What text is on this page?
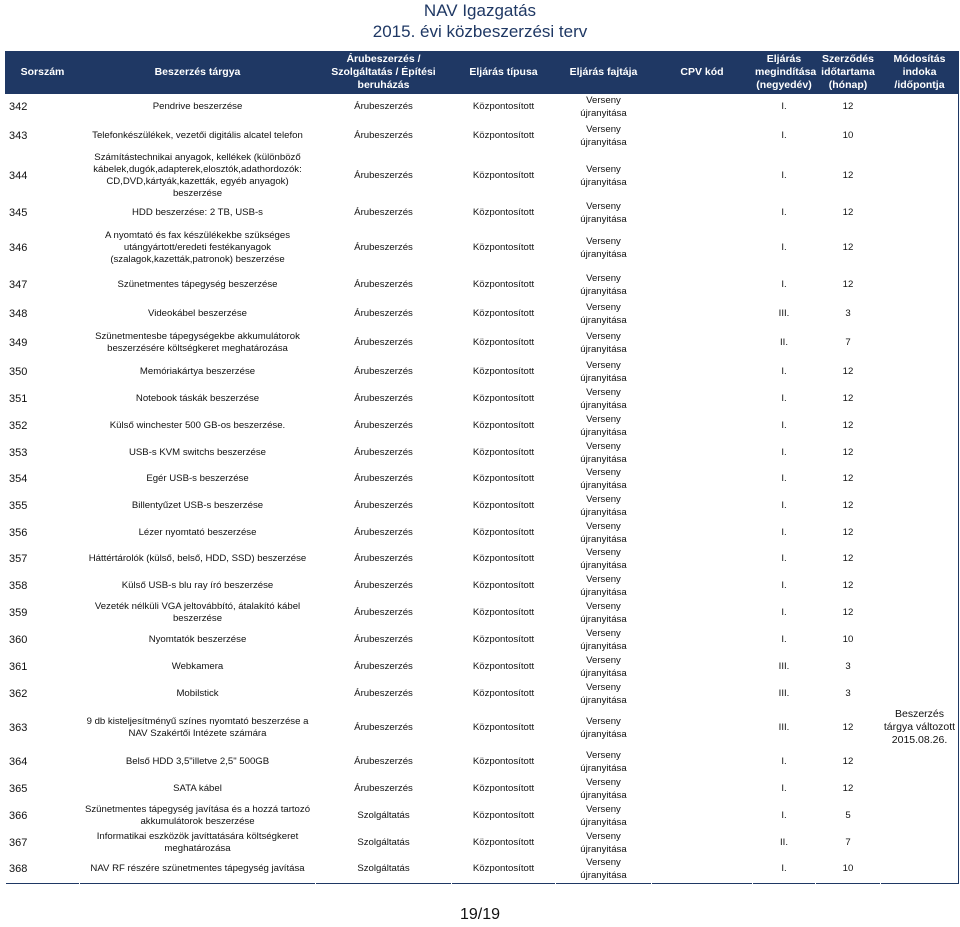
NAV Igazgatás
2015. évi közbeszerzési terv
Sorszám	Beszerzés tárgya	Árubeszerzés / Szolgáltatás / Építési beruházás	Eljárás típusa	Eljárás fajtája	CPV kód	Eljárás megindítása (negyedév)	Szerződés időtartama (hónap)	Módosítás indoka /időpontja
342	Pendrive beszerzése	Árubeszerzés	Központosított	Verseny újranyitása		I.	12	
343	Telefonkészülékek, vezetői digitális alcatel telefon	Árubeszerzés	Központosított	Verseny újranyitása		I.	10	
344	Számítástechnikai anyagok, kellékek (különböző kábelek,dugók,adapterek,elosztók,adathordozók: CD,DVD,kártyák,kazetták, egyéb anyagok) beszerzése	Árubeszerzés	Központosított	Verseny újranyitása		I.	12	
345	HDD beszerzése: 2 TB, USB-s	Árubeszerzés	Központosított	Verseny újranyitása		I.	12	
346	A nyomtató és fax készülékekbe szükséges utángyártott/eredeti festékanyagok (szalagok,kazetták,patronok) beszerzése	Árubeszerzés	Központosított	Verseny újranyitása		I.	12	
347	Szünetmentes tápegység beszerzése	Árubeszerzés	Központosított	Verseny újranyitása		I.	12	
348	Videokábel beszerzése	Árubeszerzés	Központosított	Verseny újranyitása		III.	3	
349	Szünetmentesbe tápegységekbe akkumulátorok beszerzésére költségkeret meghatározása	Árubeszerzés	Központosított	Verseny újranyitása		II.	7	
350	Memóriakártya beszerzése	Árubeszerzés	Központosított	Verseny újranyitása		I.	12	
351	Notebook táskák beszerzése	Árubeszerzés	Központosított	Verseny újranyitása		I.	12	
352	Külső winchester 500 GB-os beszerzése.	Árubeszerzés	Központosított	Verseny újranyitása		I.	12	
353	USB-s KVM switchs beszerzése	Árubeszerzés	Központosított	Verseny újranyitása		I.	12	
354	Egér USB-s beszerzése	Árubeszerzés	Központosított	Verseny újranyitása		I.	12	
355	Billentyűzet USB-s beszerzése	Árubeszerzés	Központosított	Verseny újranyitása		I.	12	
356	Lézer nyomtató beszerzése	Árubeszerzés	Központosított	Verseny újranyitása		I.	12	
357	Háttértárolók (külső, belső, HDD, SSD) beszerzése	Árubeszerzés	Központosított	Verseny újranyitása		I.	12	
358	Külső USB-s blu ray író beszerzése	Árubeszerzés	Központosított	Verseny újranyitása		I.	12	
359	Vezeték nélküli VGA jeltovábbító, átalakító kábel beszerzése	Árubeszerzés	Központosított	Verseny újranyitása		I.	12	
360	Nyomtatók beszerzése	Árubeszerzés	Központosított	Verseny újranyitása		I.	10	
361	Webkamera	Árubeszerzés	Központosított	Verseny újranyitása		III.	3	
362	Mobilstick	Árubeszerzés	Központosított	Verseny újranyitása		III.	3	
363	9 db kisteljesítményű színes nyomtató beszerzése a NAV Szakértői Intézete számára	Árubeszerzés	Központosított	Verseny újranyitása		III.	12	Beszerzés tárgya változott 2015.08.26.
364	Belső HDD 3,5"illetve 2,5" 500GB	Árubeszerzés	Központosított	Verseny újranyitása		I.	12	
365	SATA kábel	Árubeszerzés	Központosított	Verseny újranyitása		I.	12	
366	Szünetmentes tápegység javítása és a hozzá tartozó akkumulátorok beszerzése	Szolgáltatás	Központosított	Verseny újranyitása		I.	5	
367	Informatikai eszközök javíttatására költségkeret meghatározása	Szolgáltatás	Központosított	Verseny újranyitása		II.	7	
368	NAV RF részére szünetmentes tápegység javítása	Szolgáltatás	Központosított	Verseny újranyitása		I.	10	
19/19
